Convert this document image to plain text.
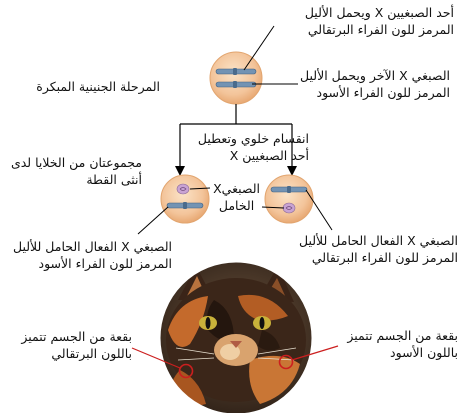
أحد الصبغيين X ويحمل الأليل
المرمز للون الفراء البرتقالي
الصبغي X الآخر ويحمل الأليل
المرمز للون الفراء الأسود
المرحلة الجنينية المبكرة
انقسام خلوي وتعطيل
أحد الصبغيين X
مجموعتان من الخلايا لدى
أنثى القطة
الصبغيX
الخامل
الصبغي X الفعال الحامل للأليل
المرمز للون الفراء الأسود
الصبغي X الفعال الحامل للأليل
المرمز للون الفراء البرتقالي
بقعة من الجسم تتميز
باللون البرتقالي
بقعة من الجسم تتميز
باللون الأسود
